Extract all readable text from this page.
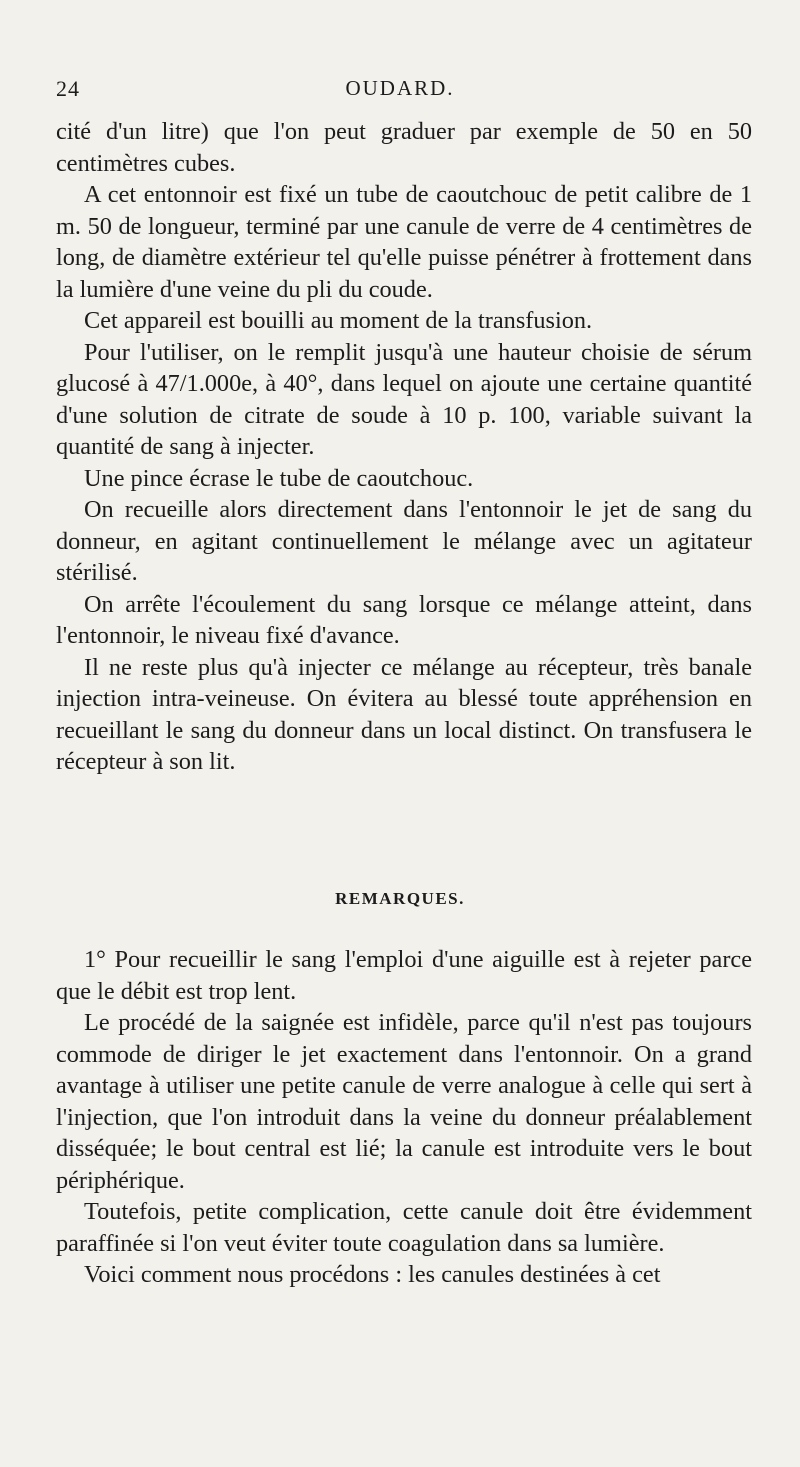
24	OUDARD.

cité d'un litre) que l'on peut graduer par exemple de 50 en 50 centimètres cubes.

A cet entonnoir est fixé un tube de caoutchouc de petit calibre de 1 m. 50 de longueur, terminé par une canule de verre de 4 centimètres de long, de diamètre extérieur tel qu'elle puisse pénétrer à frottement dans la lumière d'une veine du pli du coude.

Cet appareil est bouilli au moment de la transfusion.

Pour l'utiliser, on le remplit jusqu'à une hauteur choisie de sérum glucosé à 47/1.000e, à 40°, dans lequel on ajoute une certaine quantité d'une solution de citrate de soude à 10 p. 100, variable suivant la quantité de sang à injecter.

Une pince écrase le tube de caoutchouc.

On recueille alors directement dans l'entonnoir le jet de sang du donneur, en agitant continuellement le mélange avec un agitateur stérilisé.

On arrête l'écoulement du sang lorsque ce mélange atteint, dans l'entonnoir, le niveau fixé d'avance.

Il ne reste plus qu'à injecter ce mélange au récepteur, très banale injection intra-veineuse. On évitera au blessé toute appréhension en recueillant le sang du donneur dans un local distinct. On transfusera le récepteur à son lit.

REMARQUES.

1° Pour recueillir le sang l'emploi d'une aiguille est à rejeter parce que le débit est trop lent.

Le procédé de la saignée est infidèle, parce qu'il n'est pas toujours commode de diriger le jet exactement dans l'entonnoir. On a grand avantage à utiliser une petite canule de verre analogue à celle qui sert à l'injection, que l'on introduit dans la veine du donneur préalablement disséquée; le bout central est lié; la canule est introduite vers le bout périphérique.

Toutefois, petite complication, cette canule doit être évidemment paraffinée si l'on veut éviter toute coagulation dans sa lumière.

Voici comment nous procédons : les canules destinées à cet
